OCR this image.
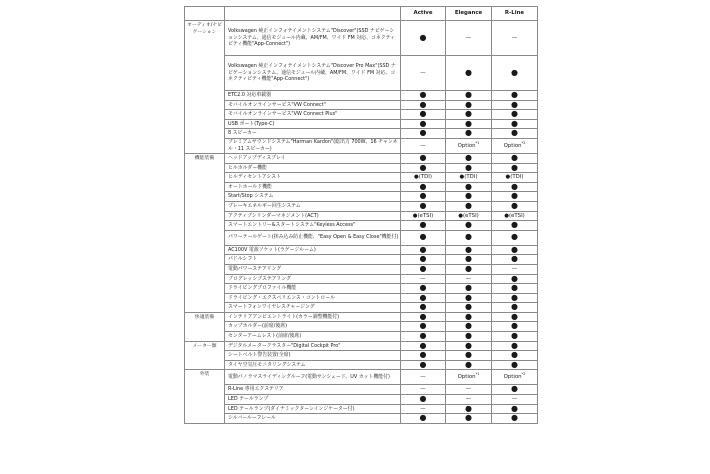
		Active	Elegance	R-Line
オーディオ/ナビゲーション	Volkswagen 純正インフォテイメントシステム"Discover"(SSD ナビゲーションシステム、通信モジュール内蔵、AM/FM、ワイド FM 対応、コネクティビティ機能"App-Connect")	●	—	—
	Volkswagen 純正インフォテイメントシステム"Discover Pro Max"(SSD ナビゲーションシステム、通信モジュール内蔵、AM/FM、ワイド FM 対応、コネクティビティ機能"App-Connect")	—	●	●
	ETC2.0 対応車載器	●	●	●
	モバイルオンラインサービス"VW Connect"	●	●	●
	モバイルオンラインサービス"VW Connect Plus"	●	●	●
	USB ポート(Type-C)	●	●	●
	8 スピーカー	●	●	●
	プレミアムサウンドシステム"Harman Kardon"(総出力 700W、16 チャンネル・11 スピーカー)	—	Option$^{*1}$	Option$^{*2}$
機能装備	ヘッドアップディスプレイ	●	●	●
	ヒルホルダー機能	●	●	●
	ヒルディセントアシスト	●(TDI)	●(TDI)	●(TDI)
	オートホールド機能	●	●	●
	Start/Stop システム	●	●	●
	ブレーキエネルギー回生システム	●	●	●
	アクティブシリンダーマネジメント(ACT)	●(eTSI)	●(eTSI)	●(eTSI)
	スマートエントリー&スタートシステム"Keyless Access"	●	●	●
	パワーテールゲート(挟み込み防止機能、"Easy Open & Easy Close"機能付)	●	●	●
	AC100V 電源ソケット(ラゲージルーム)	●	●	●
	パドルシフト	●	●	●
	電動パワーステアリング	●	●	—
	プログレッシブステアリング	—	—	●
	ドライビングプロファイル機能	●	●	●
	ドライビング・エクスペリエンス・コントロール	●	●	●
	スマートフォンワイヤレスチャージング	●	●	●
快適装備	インテリアアンビエントライト(カラー調整機能付)	●	●	●
	カップホルダー(前席/後席)	●	●	●
	センターアームレスト(前席/後席)	●	●	●
メーター類	デジタルメータークラスター"Digital Cockpit Pro"	●	●	●
	シートベルト警告装置(全席)	●	●	●
	タイヤ空気圧モニタリングシステム	●	●	●
外装	電動パノラマスライディングルーフ(電動サンシェード、UV カット機能付)	—	Option$^{*1}$	Option$^{*2}$
	R-Line 専用エクステリア	—	—	●
	LED テールランプ	●	—	—
	LED テールランプ(ダイナミックターンインジケーター付)	—	●	●
	シルバールーフレール	●	●	●
